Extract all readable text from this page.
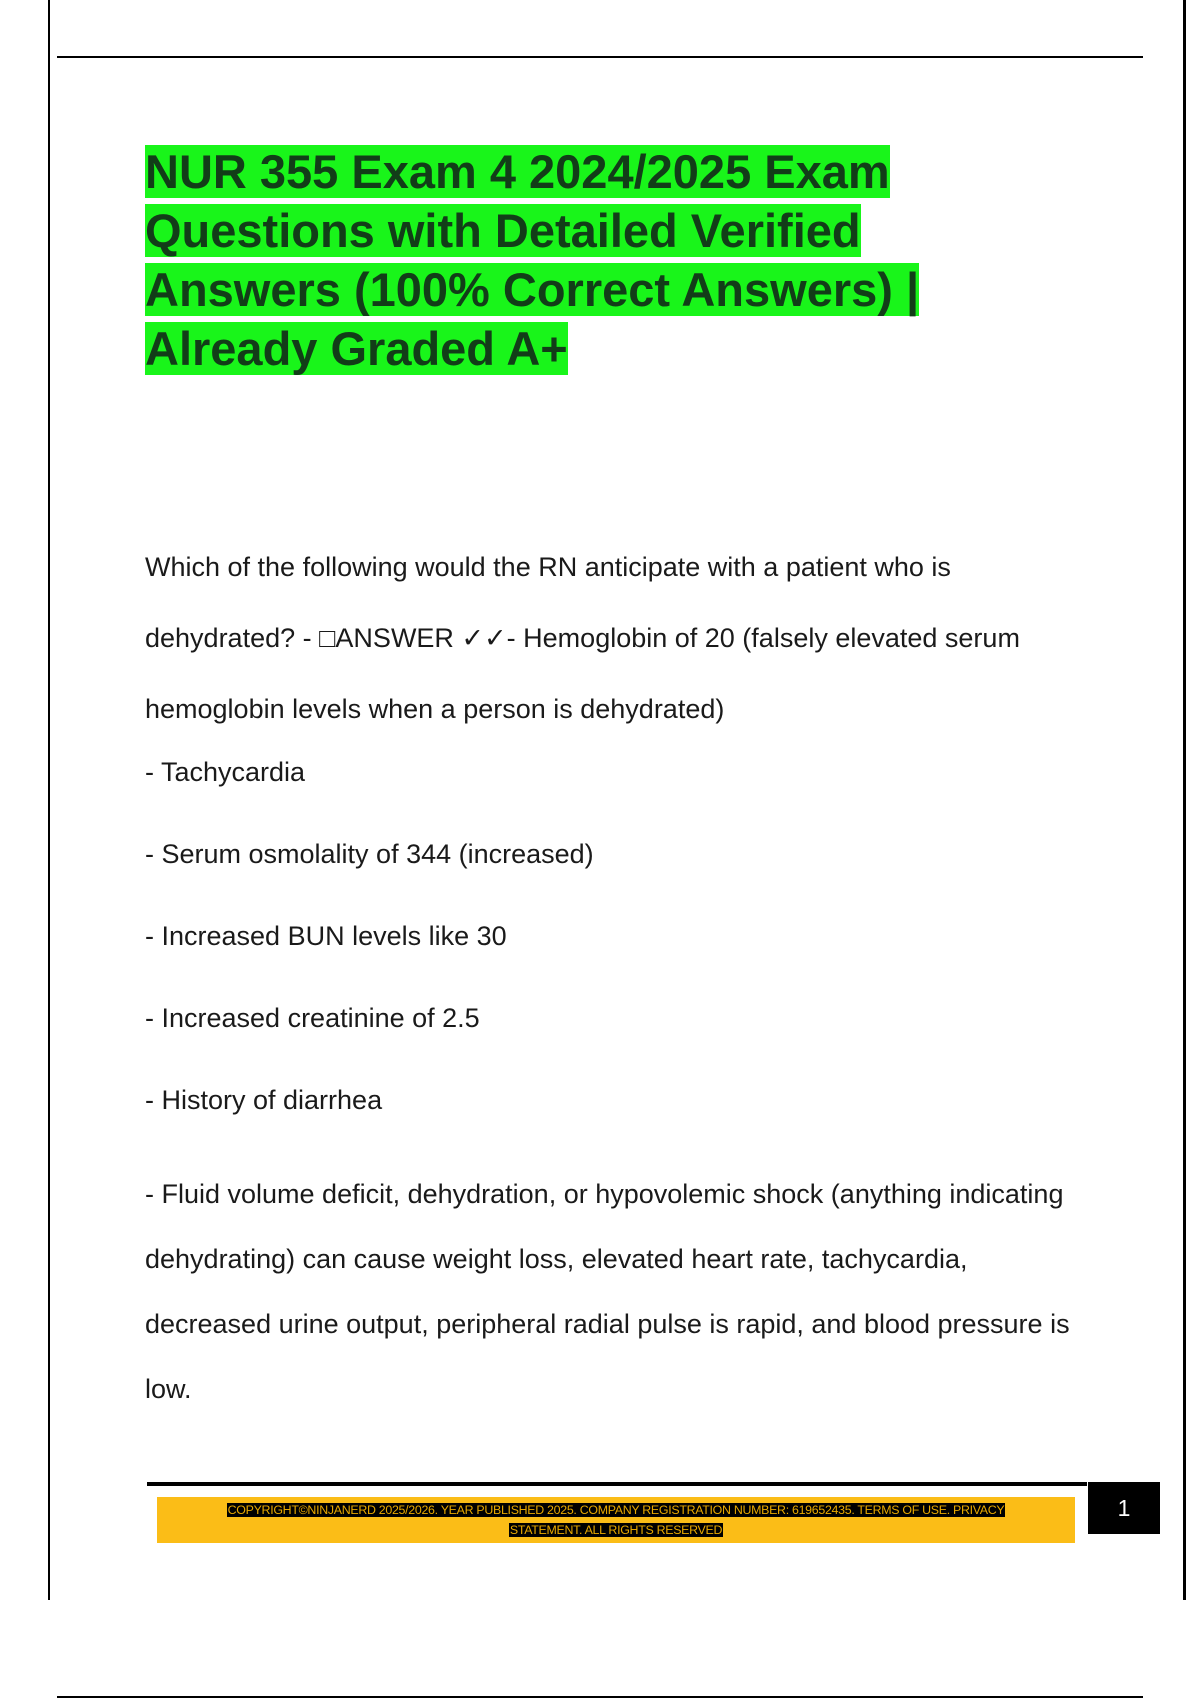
NUR 355 Exam 4 2024/2025 Exam
Questions with Detailed Verified
Answers (100% Correct Answers) |
Already Graded A+

Which of the following would the RN anticipate with a patient who is dehydrated? - □ANSWER ✓✓- Hemoglobin of 20 (falsely elevated serum hemoglobin levels when a person is dehydrated)

- Tachycardia
- Serum osmolality of 344 (increased)
- Increased BUN levels like 30
- Increased creatinine of 2.5
- History of diarrhea
- Fluid volume deficit, dehydration, or hypovolemic shock (anything indicating dehydrating) can cause weight loss, elevated heart rate, tachycardia, decreased urine output, peripheral radial pulse is rapid, and blood pressure is low.
COPYRIGHT©NINJANERD 2025/2026. YEAR PUBLISHED 2025. COMPANY REGISTRATION NUMBER: 619652435. TERMS OF USE. PRIVACY
STATEMENT. ALL RIGHTS RESERVED
1
